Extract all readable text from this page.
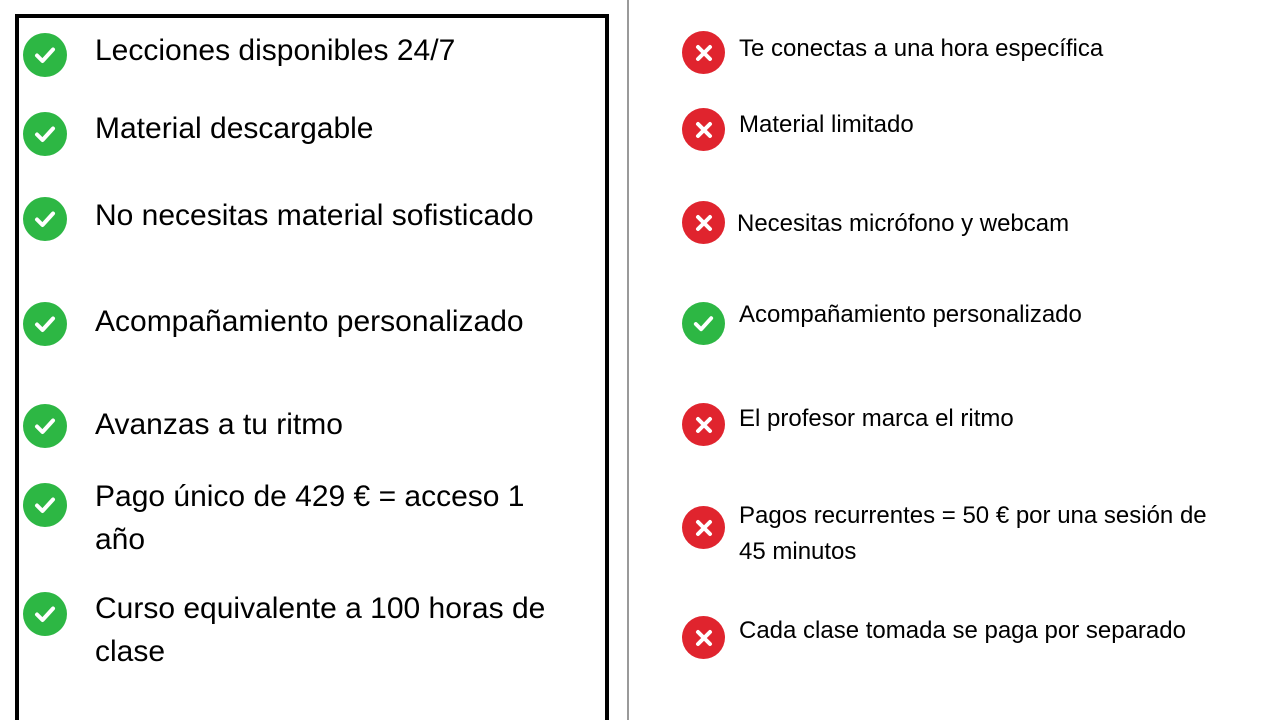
Lecciones disponibles 24/7
Material descargable
No necesitas material sofisticado
Acompañamiento personalizado
Avanzas a tu ritmo
Pago único de 429 € = acceso 1 año
Curso equivalente a 100 horas de clase
Te conectas a una hora específica
Material limitado
Necesitas micrófono y webcam
Acompañamiento personalizado
El profesor marca el ritmo
Pagos recurrentes = 50 € por una sesión de 45 minutos
Cada clase tomada se paga por separado
